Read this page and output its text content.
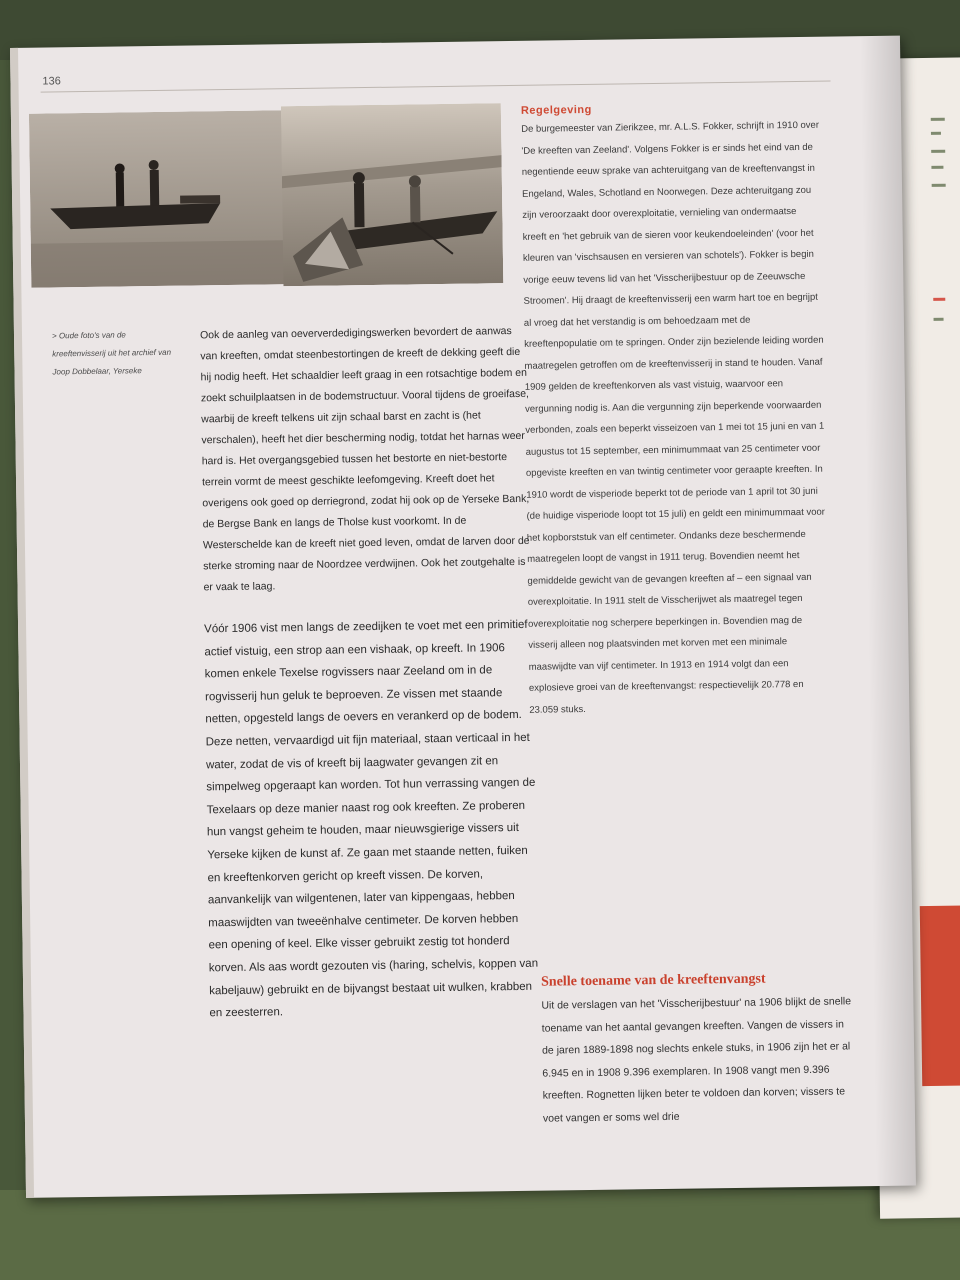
136

> Oude foto's van de kreeftenvisserij uit het archief van Joop Dobbelaar, Yerseke

Ook de aanleg van oeververdedigingswerken bevordert de aanwas van kreeften, omdat steenbestortingen de kreeft de dekking geeft die hij nodig heeft. Het schaaldier leeft graag in een rotsachtige bodem en zoekt schuilplaatsen in de bodemstructuur. Vooral tijdens de groeifase, waarbij de kreeft telkens uit zijn schaal barst en zacht is (het verschalen), heeft het dier bescherming nodig, totdat het harnas weer hard is. Het overgangsgebied tussen het bestorte en niet-bestorte terrein vormt de meest geschikte leefomgeving. Kreeft doet het overigens ook goed op derriegrond, zodat hij ook op de Yerseke Bank, de Bergse Bank en langs de Tholse kust voorkomt. In de Westerschelde kan de kreeft niet goed leven, omdat de larven door de sterke stroming naar de Noordzee verdwijnen. Ook het zoutgehalte is er vaak te laag.

Vóór 1906 vist men langs de zeedijken te voet met een primitief actief vistuig, een strop aan een vishaak, op kreeft. In 1906 komen enkele Texelse rogvissers naar Zeeland om in de rogvisserij hun geluk te beproeven. Ze vissen met staande netten, opgesteld langs de oevers en verankerd op de bodem. Deze netten, vervaardigd uit fijn materiaal, staan verticaal in het water, zodat de vis of kreeft bij laagwater gevangen zit en simpelweg opgeraapt kan worden. Tot hun verrassing vangen de Texelaars op deze manier naast rog ook kreeften. Ze proberen hun vangst geheim te houden, maar nieuwsgierige vissers uit Yerseke kijken de kunst af. Ze gaan met staande netten, fuiken en kreeftenkorven gericht op kreeft vissen. De korven, aanvankelijk van wilgentenen, later van kippengaas, hebben maaswijdten van tweeënhalve centimeter. De korven hebben een opening of keel. Elke visser gebruikt zestig tot honderd korven. Als aas wordt gezouten vis (haring, schelvis, koppen van kabeljauw) gebruikt en de bijvangst bestaat uit wulken, krabben en zeesterren.

Regelgeving

De burgemeester van Zierikzee, mr. A.L.S. Fokker, schrijft in 1910 over 'De kreeften van Zeeland'. Volgens Fokker is er sinds het eind van de negentiende eeuw sprake van achteruitgang van de kreeftenvangst in Engeland, Wales, Schotland en Noorwegen. Deze achteruitgang zou zijn veroorzaakt door overexploitatie, vernieling van ondermaatse kreeft en 'het gebruik van de sieren voor keukendoeleinden' (voor het kleuren van 'vischsausen en versieren van schotels'). Fokker is begin vorige eeuw tevens lid van het 'Visscherijbestuur op de Zeeuwsche Stroomen'. Hij draagt de kreeftenvisserij een warm hart toe en begrijpt al vroeg dat het verstandig is om behoedzaam met de kreeftenpopulatie om te springen. Onder zijn bezielende leiding worden maatregelen getroffen om de kreeftenvisserij in stand te houden. Vanaf 1909 gelden de kreeftenkorven als vast vistuig, waarvoor een vergunning nodig is. Aan die vergunning zijn beperkende voorwaarden verbonden, zoals een beperkt visseizoen van 1 mei tot 15 juni en van 1 augustus tot 15 september, een minimummaat van 25 centimeter voor opgeviste kreeften en van twintig centimeter voor geraapte kreeften. In 1910 wordt de visperiode beperkt tot de periode van 1 april tot 30 juni (de huidige visperiode loopt tot 15 juli) en geldt een minimummaat voor het kopborststuk van elf centimeter. Ondanks deze beschermende maatregelen loopt de vangst in 1911 terug. Bovendien neemt het gemiddelde gewicht van de gevangen kreeften af – een signaal van overexploitatie. In 1911 stelt de Visscherijwet als maatregel tegen overexploitatie nog scherpere beperkingen in. Bovendien mag de visserij alleen nog plaatsvinden met korven met een minimale maaswijdte van vijf centimeter. In 1913 en 1914 volgt dan een explosieve groei van de kreeftenvangst: respectievelijk 20.778 en 23.059 stuks.

Snelle toename van de kreeftenvangst

Uit de verslagen van het 'Visscherijbestuur' na 1906 blijkt de snelle toename van het aantal gevangen kreeften. Vangen de vissers in de jaren 1889-1898 nog slechts enkele stuks, in 1906 zijn het er al 6.945 en in 1908 9.396 exemplaren. In 1908 vangt men 9.396 kreeften. Rognetten lijken beter te voldoen dan korven; vissers te voet vangen er soms wel drie
